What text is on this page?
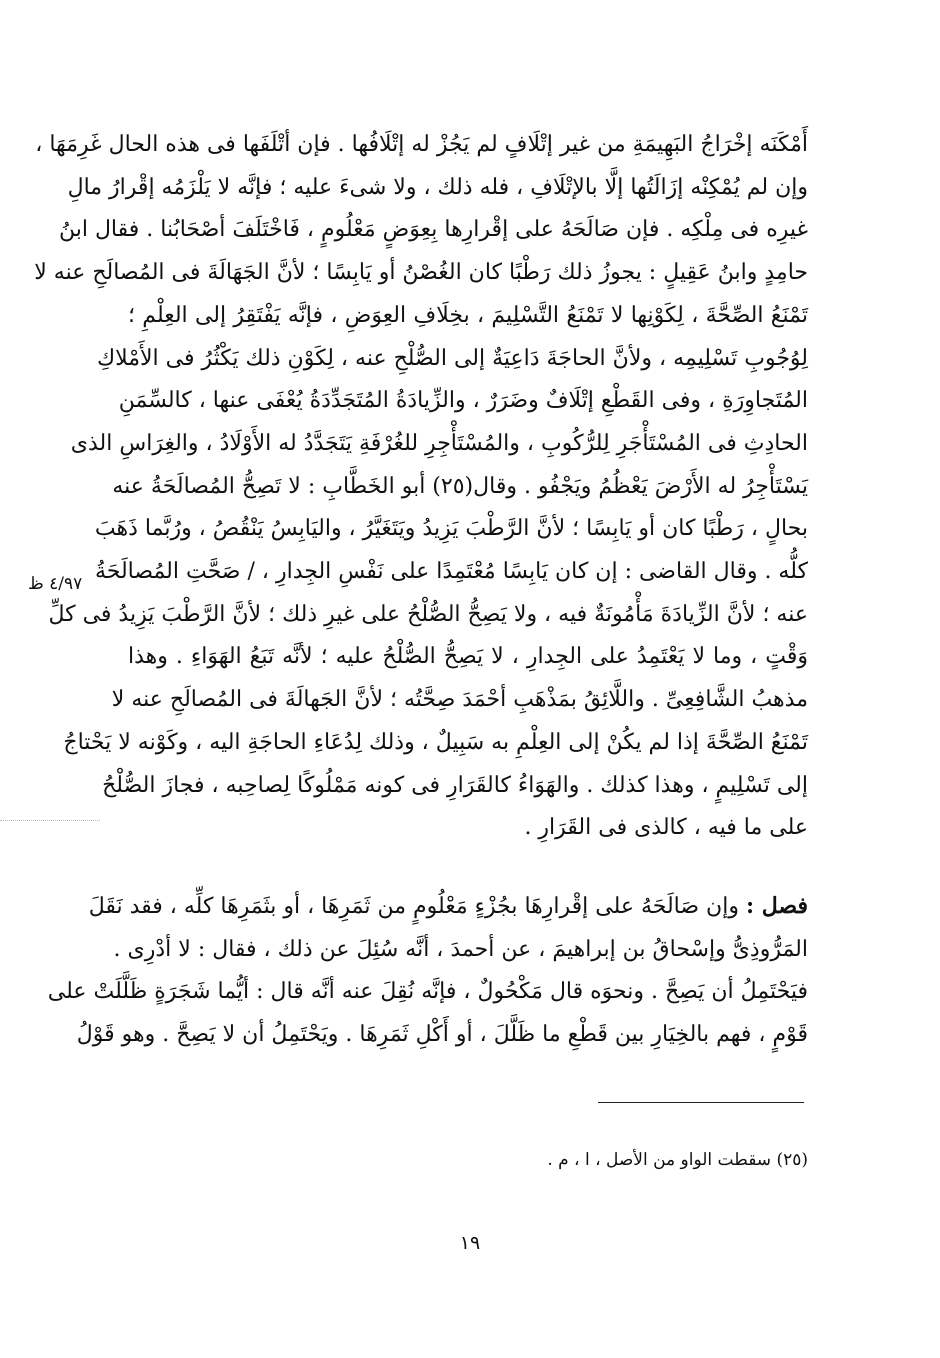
أَمْكَنَه إخْرَاجُ البَهِيمَةِ من غير إتْلَافٍ لم يَجُزْ له إتْلَافُها . فإن أتْلَفَها فى هذه الحال غَرِمَهَا ،
وإن لم يُمْكِنْه إزَالَتُها إلَّا بالإتْلَافِ ، فله ذلك ، ولا شىءَ عليه ؛ فإنَّه لا يَلْزَمُه إقْرارُ مالِ
غيرِه فى مِلْكِه . فإن صَالَحَهُ على إقْرارِها بِعِوَضٍ مَعْلُومٍ ، فَاخْتَلَفَ أصْحَابُنا . فقال ابنُ
حامِدٍ وابنُ عَقِيلٍ : يجوزُ ذلك رَطْبًا كان الغُصْنُ أو يَابِسًا ؛ لأنَّ الجَهَالَةَ فى المُصالَحِ عنه لا
تَمْنَعُ الصِّحَّةَ ، لِكَوْنِها لا تَمْنَعُ التَّسْلِيمَ ، بخِلَافِ العِوَضِ ، فإنَّه يَفْتَقِرُ إلى العِلْمِ ؛
لِوُجُوبِ تَسْلِيمِه ، ولأنَّ الحاجَةَ دَاعِيَةٌ إلى الصُّلْحِ عنه ، لِكَوْنِ ذلك يَكْثُرُ فى الأَمْلاكِ
المُتَجاوِرَةِ ، وفى القَطْعِ إتْلَافٌ وضَرَرٌ ، والزِّيادَةُ المُتَجَدِّدَةُ يُعْفَى عنها ، كالسِّمَنِ
الحادِثِ فى المُسْتَأْجَرِ لِلرُّكُوبِ ، والمُسْتَأْجِرِ للغُرْفَةِ يَتَجَدَّدُ له الأَوْلَادُ ، والغِرَاسِ الذى
يَسْتَأْجِرُ له الأَرْضَ يَعْظُمُ ويَجْفُو . وقال(٢٥) أبو الخَطَّابِ : لا تَصِحُّ المُصالَحَةُ عنه
بحالٍ ، رَطْبًا كان أو يَابِسًا ؛ لأنَّ الرَّطْبَ يَزِيدُ ويَتَغَيَّرُ ، واليَابِسُ يَنْقُصُ ، ورُبَّما ذَهَبَ
كلُّه . وقال القاضى : إن كان يَابِسًا مُعْتَمِدًا على نَفْسِ الجِدارِ ، / صَحَّتِ المُصالَحَةُ
عنه ؛ لأنَّ الزِّيادَةَ مَأْمُونَةٌ فيه ، ولا يَصِحُّ الصُّلْحُ على غيرِ ذلك ؛ لأنَّ الرَّطْبَ يَزِيدُ فى كلِّ
وَقْتٍ ، وما لا يَعْتَمِدُ على الجِدارِ ، لا يَصِحُّ الصُّلْحُ عليه ؛ لأنَّه تَبَعُ الهَوَاءِ . وهذا
مذهبُ الشَّافِعِىِّ . واللَّائِقُ بمَذْهَبِ أحْمَدَ صِحَّتُه ؛ لأنَّ الجَهالَةَ فى المُصالَحِ عنه لا
تَمْنَعُ الصِّحَّةَ إذا لم يكُنْ إلى العِلْمِ به سَبِيلٌ ، وذلك لِدُعَاءِ الحاجَةِ اليه ، وكَوْنه لا يَحْتاجُ
إلى تَسْلِيمٍ ، وهذا كذلك . والهَوَاءُ كالقَرَارِ فى كونه مَمْلُوكًا لِصاحِبه ، فجازَ الصُّلْحُ
على ما فيه ، كالذى فى القَرَارِ .
٤/٩٧ ظ
فصل : وإن صَالَحَهُ على إقْرارِهَا بجُزْءٍ مَعْلُومٍ من ثَمَرِهَا ، أو بثَمَرِهَا كلِّه ، فقد نَقَلَ
المَرُّوذِىُّ وإسْحاقُ بن إبراهيمَ ، عن أحمدَ ، أنَّه سُئِلَ عن ذلك ، فقال : لا أدْرِى .
فيَحْتَمِلُ أن يَصِحَّ . ونحوَه قال مَكْحُولٌ ، فإنَّه نُقِلَ عنه أنَّه قال : أيُّما شَجَرَةٍ ظَلَّلَتْ على
قَوْمٍ ، فهم بالخِيَارِ بين قَطْعِ ما ظَلَّلَ ، أو أَكْلِ ثَمَرِهَا . ويَحْتَمِلُ أن لا يَصِحَّ . وهو قَوْلُ
(٢٥) سقطت الواو من الأصل ، ا ، م .
١٩
